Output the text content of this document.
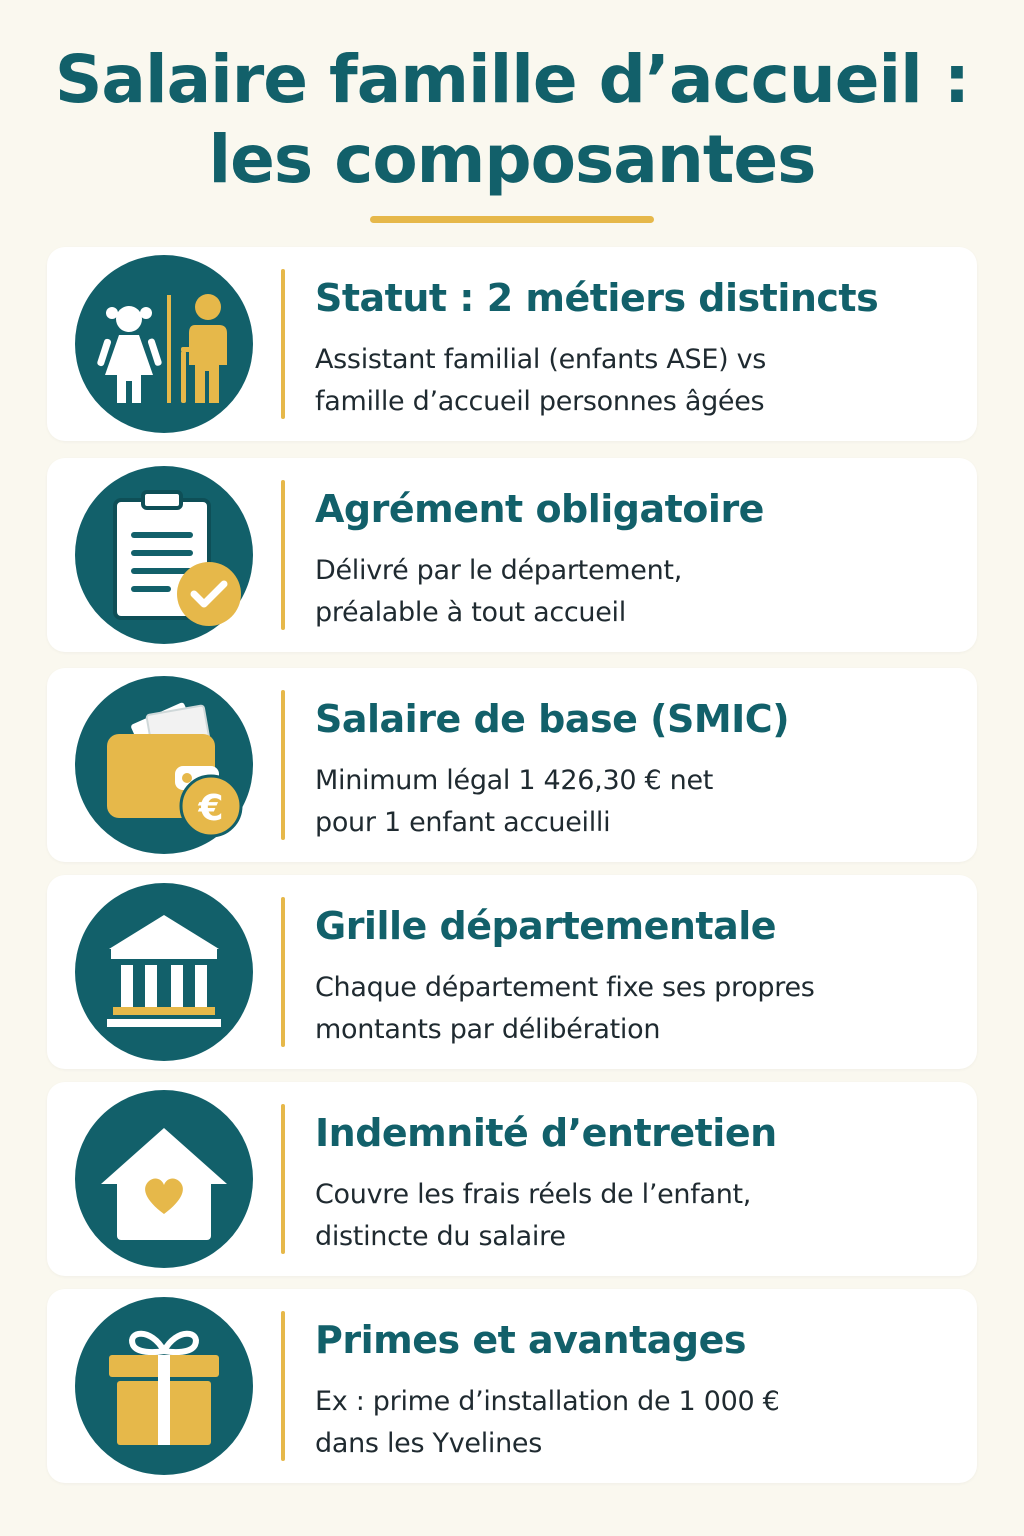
Salaire famille d’accueil :
les composantes
Statut : 2 métiers distincts
Assistant familial (enfants ASE) vs
famille d’accueil personnes âgées
Agrément obligatoire
Délivré par le département,
préalable à tout accueil
€
Salaire de base (SMIC)
Minimum légal 1 426,30 € net
pour 1 enfant accueilli
Grille départementale
Chaque département fixe ses propres
montants par délibération
Indemnité d’entretien
Couvre les frais réels de l’enfant,
distincte du salaire
Primes et avantages
Ex : prime d’installation de 1 000 €
dans les Yvelines
